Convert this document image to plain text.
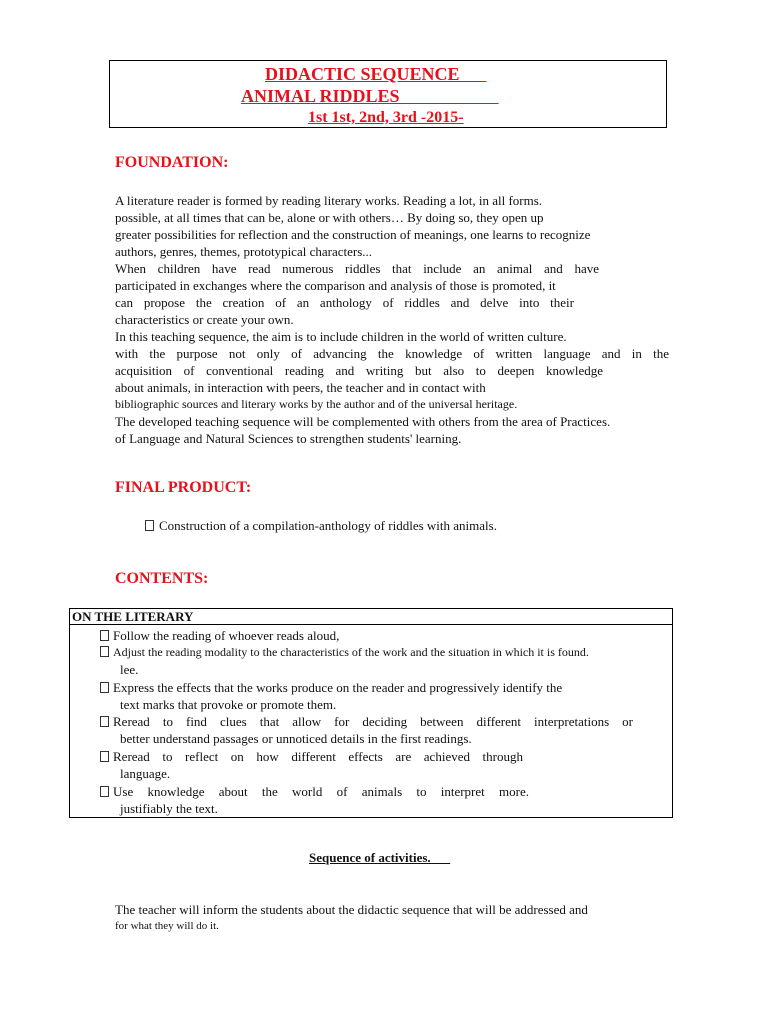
DIDACTIC SEQUENCE

ANIMAL RIDDLES

1st 1st, 2nd, 3rd -2015-

FOUNDATION:

A literature reader is formed by reading literary works. Reading a lot, in all forms.

possible, at all times that can be, alone or with others… By doing so, they open up

greater possibilities for reflection and the construction of meanings, one learns to recognize

authors, genres, themes, prototypical characters...

When children have read numerous riddles that include an animal and have

participated in exchanges where the comparison and analysis of those is promoted, it

can propose the creation of an anthology of riddles and delve into their

characteristics or create your own.

In this teaching sequence, the aim is to include children in the world of written culture.

with the purpose not only of advancing the knowledge of written language and in the

acquisition of conventional reading and writing but also to deepen knowledge

about animals, in interaction with peers, the teacher and in contact with

bibliographic sources and literary works by the author and of the universal heritage.

The developed teaching sequence will be complemented with others from the area of Practices.

of Language and Natural Sciences to strengthen students' learning.

FINAL PRODUCT:

Construction of a compilation-anthology of riddles with animals.

CONTENTS:
ON THE LITERARY
Follow the reading of whoever reads aloud,
Adjust the reading modality to the characteristics of the work and the situation in which it is found.
lee.
Express the effects that the works produce on the reader and progressively identify the
text marks that provoke or promote them.
Reread to find clues that allow for deciding between different interpretations or
better understand passages or unnoticed details in the first readings.
Reread to reflect on how different effects are achieved through
language.
Use knowledge about the world of animals to interpret more.
justifiably the text.

Sequence of activities.

The teacher will inform the students about the didactic sequence that will be addressed and

for what they will do it.
